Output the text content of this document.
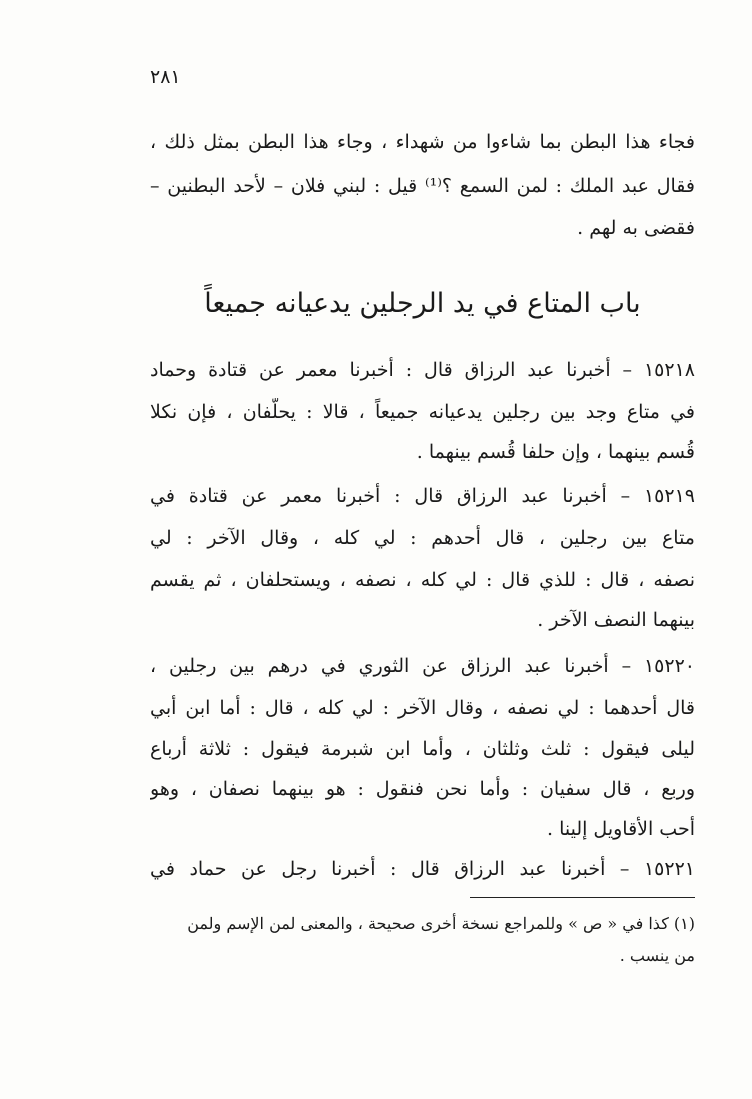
٢٨١
فجاء هذا البطن بما شاءوا من شهداء ، وجاء هذا البطن بمثل ذلك ،
فقال عبد الملك : لمن السمع ؟⁽¹⁾ قيل : لبني فلان – لأحد البطنين –
فقضى به لهم .
باب المتاع في يد الرجلين يدعيانه جميعاً
١٥٢١٨ – أخبرنا عبد الرزاق قال : أخبرنا معمر عن قتادة وحماد
في متاع وجد بين رجلين يدعيانه جميعاً ، قالا : يحلَّفان ، فإن نكلا
قُسم بينهما ، وإن حلفا قُسم بينهما .
١٥٢١٩ – أخبرنا عبد الرزاق قال : أخبرنا معمر عن قتادة في
متاع بين رجلين ، قال أحدهم : لي كله ، وقال الآخر : لي
نصفه ، قال : للذي قال : لي كله ، نصفه ، ويستحلفان ، ثم يقسم
بينهما النصف الآخر .
١٥٢٢٠ – أخبرنا عبد الرزاق عن الثوري في درهم بين رجلين ،
قال أحدهما : لي نصفه ، وقال الآخر : لي كله ، قال : أما ابن أبي
ليلى فيقول : ثلث وثلثان ، وأما ابن شبرمة فيقول : ثلاثة أرباع
وربع ، قال سفيان : وأما نحن فنقول : هو بينهما نصفان ، وهو
أحب الأقاويل إلينا .
١٥٢٢١ – أخبرنا عبد الرزاق قال : أخبرنا رجل عن حماد في
(١) كذا في « ص » وللمراجع نسخة أخرى صحيحة ، والمعنى لمن الإسم ولمن
من ينسب .
